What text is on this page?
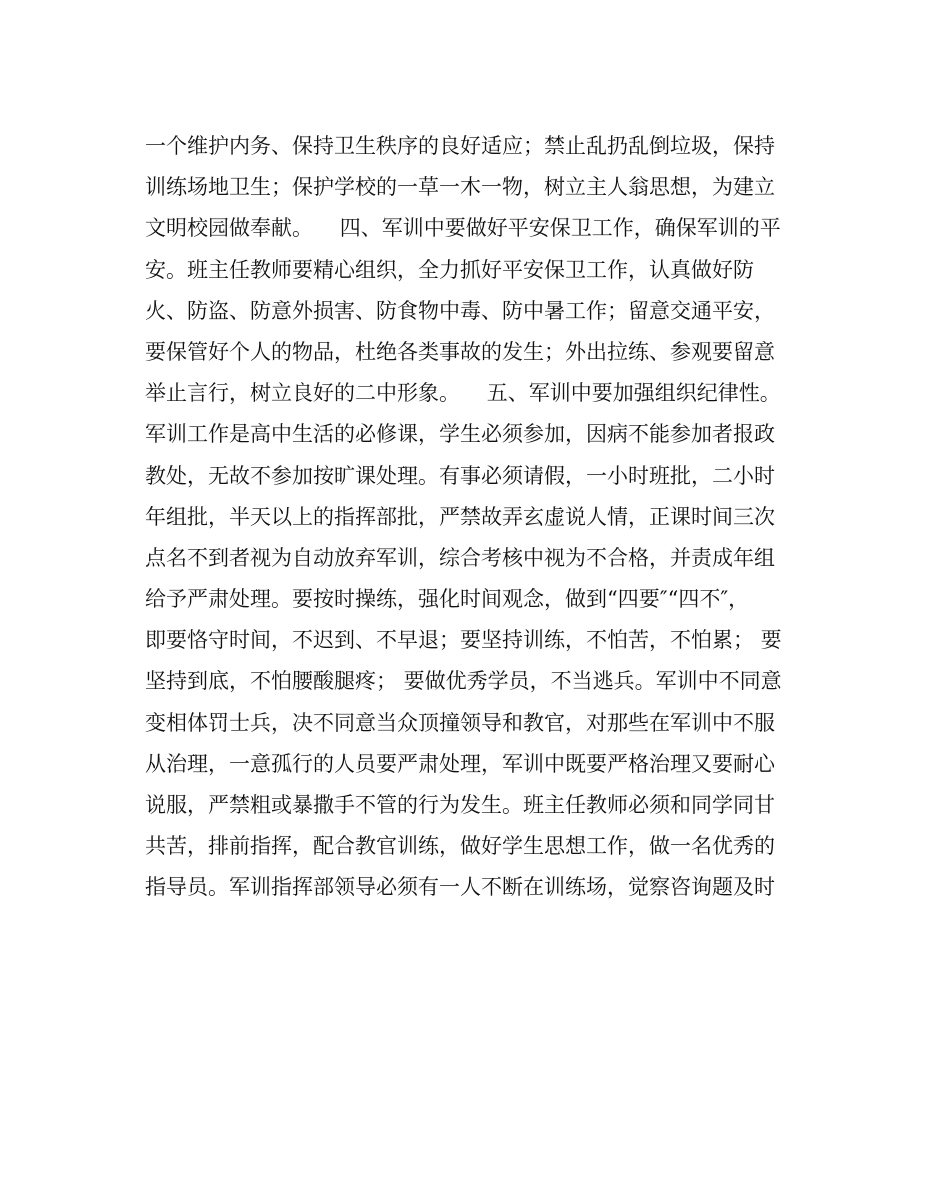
一个维护内务、保持卫生秩序的良好适应；禁止乱扔乱倒垃圾，保持
训练场地卫生；保护学校的一草一木一物，树立主人翁思想，为建立
文明校园做奉献。    四、军训中要做好平安保卫工作，确保军训的平
安。班主任教师要精心组织，全力抓好平安保卫工作，认真做好防
火、防盗、防意外损害、防食物中毒、防中暑工作；留意交通平安，
要保管好个人的物品，杜绝各类事故的发生；外出拉练、参观要留意
举止言行，树立良好的二中形象。    五、军训中要加强组织纪律性。
军训工作是高中生活的必修课，学生必须参加，因病不能参加者报政
教处，无故不参加按旷课处理。有事必须请假，一小时班批，二小时
年组批，半天以上的指挥部批，严禁故弄玄虚说人情，正课时间三次
点名不到者视为自动放弃军训，综合考核中视为不合格，并责成年组
给予严肃处理。要按时操练，强化时间观念，做到“四要″“四不″，
即要恪守时间，不迟到、不早退；要坚持训练，不怕苦，不怕累； 要
坚持到底，不怕腰酸腿疼； 要做优秀学员，不当逃兵。军训中不同意
变相体罚士兵，决不同意当众顶撞领导和教官，对那些在军训中不服
从治理，一意孤行的人员要严肃处理，军训中既要严格治理又要耐心
说服，严禁粗或暴撒手不管的行为发生。班主任教师必须和同学同甘
共苦，排前指挥，配合教官训练，做好学生思想工作，做一名优秀的
指导员。军训指挥部领导必须有一人不断在训练场，觉察咨询题及时
